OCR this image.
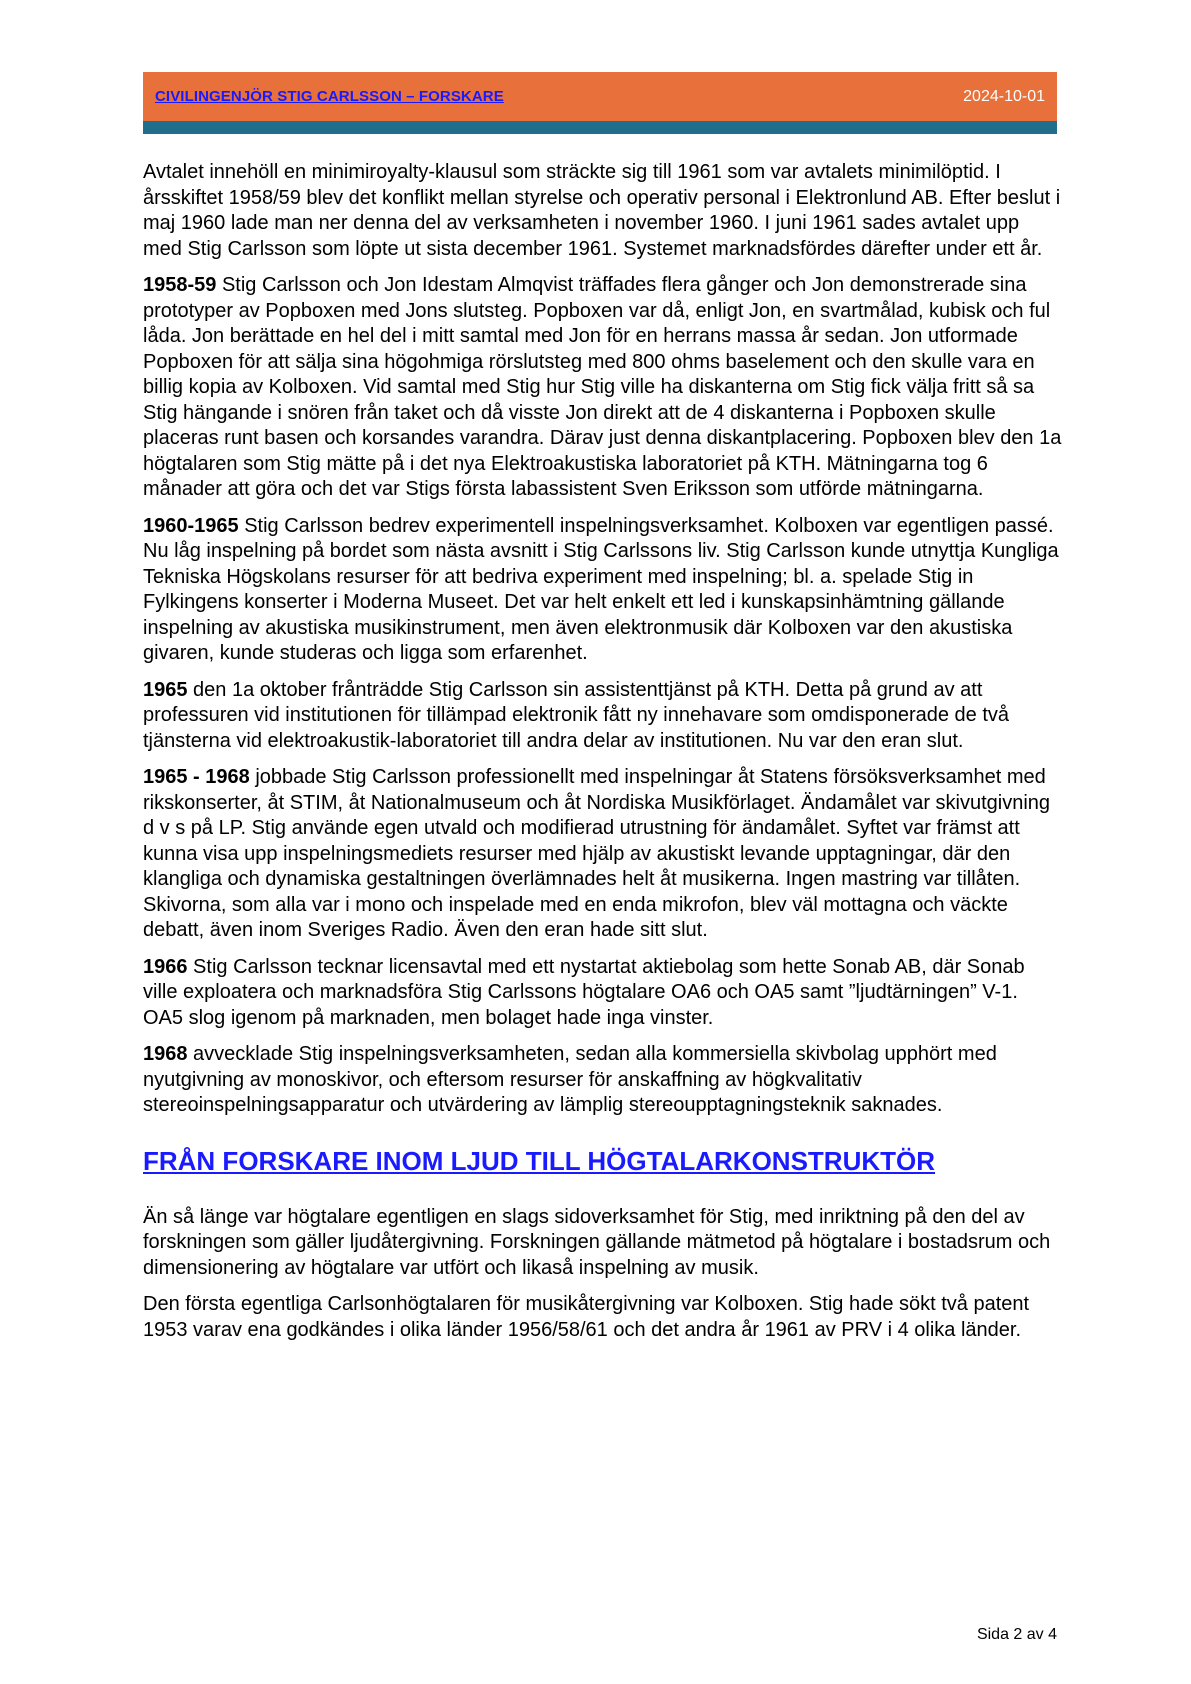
CIVILINGENJÖR STIG CARLSSON – FORSKARE	2024-10-01

Avtalet innehöll en minimiroyalty-klausul som sträckte sig till 1961 som var avtalets minimilöptid. I årsskiftet 1958/59 blev det konflikt mellan styrelse och operativ personal i Elektronlund AB. Efter beslut i maj 1960 lade man ner denna del av verksamheten i november 1960. I juni 1961 sades avtalet upp med Stig Carlsson som löpte ut sista december 1961. Systemet marknadsfördes därefter under ett år.

1958-59 Stig Carlsson och Jon Idestam Almqvist träffades flera gånger och Jon demonstrerade sina prototyper av Popboxen med Jons slutsteg. Popboxen var då, enligt Jon, en svartmålad, kubisk och ful låda. Jon berättade en hel del i mitt samtal med Jon för en herrans massa år sedan. Jon utformade Popboxen för att sälja sina högohmiga rörslutsteg med 800 ohms baselement och den skulle vara en billig kopia av Kolboxen. Vid samtal med Stig hur Stig ville ha diskanterna om Stig fick välja fritt så sa Stig hängande i snören från taket och då visste Jon direkt att de 4 diskanterna i Popboxen skulle placeras runt basen och korsandes varandra. Därav just denna diskantplacering. Popboxen blev den 1a högtalaren som Stig mätte på i det nya Elektroakustiska laboratoriet på KTH. Mätningarna tog 6 månader att göra och det var Stigs första labassistent Sven Eriksson som utförde mätningarna.

1960-1965 Stig Carlsson bedrev experimentell inspelningsverksamhet. Kolboxen var egentligen passé. Nu låg inspelning på bordet som nästa avsnitt i Stig Carlssons liv. Stig Carlsson kunde utnyttja Kungliga Tekniska Högskolans resurser för att bedriva experiment med inspelning; bl. a. spelade Stig in Fylkingens konserter i Moderna Museet. Det var helt enkelt ett led i kunskapsinhämtning gällande inspelning av akustiska musikinstrument, men även elektronmusik där Kolboxen var den akustiska givaren, kunde studeras och ligga som erfarenhet.

1965 den 1a oktober frånträdde Stig Carlsson sin assistenttjänst på KTH. Detta på grund av att professuren vid institutionen för tillämpad elektronik fått ny innehavare som omdisponerade de två tjänsterna vid elektroakustik-laboratoriet till andra delar av institutionen. Nu var den eran slut.

1965 - 1968 jobbade Stig Carlsson professionellt med inspelningar åt Statens försöksverksamhet med rikskonserter, åt STIM, åt Nationalmuseum och åt Nordiska Musikförlaget. Ändamålet var skivutgivning d v s på LP. Stig använde egen utvald och modifierad utrustning för ändamålet. Syftet var främst att kunna visa upp inspelningsmediets resurser med hjälp av akustiskt levande upptagningar, där den klangliga och dynamiska gestaltningen överlämnades helt åt musikerna. Ingen mastring var tillåten. Skivorna, som alla var i mono och inspelade med en enda mikrofon, blev väl mottagna och väckte debatt, även inom Sveriges Radio. Även den eran hade sitt slut.

1966 Stig Carlsson tecknar licensavtal med ett nystartat aktiebolag som hette Sonab AB, där Sonab ville exploatera och marknadsföra Stig Carlssons högtalare OA6 och OA5 samt ”ljudtärningen” V-1. OA5 slog igenom på marknaden, men bolaget hade inga vinster.

1968 avvecklade Stig inspelningsverksamheten, sedan alla kommersiella skivbolag upphört med nyutgivning av monoskivor, och eftersom resurser för anskaffning av högkvalitativ stereoinspelningsapparatur och utvärdering av lämplig stereoupptagningsteknik saknades.

FRÅN FORSKARE INOM LJUD TILL HÖGTALARKONSTRUKTÖR

Än så länge var högtalare egentligen en slags sidoverksamhet för Stig, med inriktning på den del av forskningen som gäller ljudåtergivning. Forskningen gällande mätmetod på högtalare i bostadsrum och dimensionering av högtalare var utfört och likaså inspelning av musik.

Den första egentliga Carlsonhögtalaren för musikåtergivning var Kolboxen. Stig hade sökt två patent 1953 varav ena godkändes i olika länder 1956/58/61 och det andra år 1961 av PRV i 4 olika länder.

Sida 2 av 4
